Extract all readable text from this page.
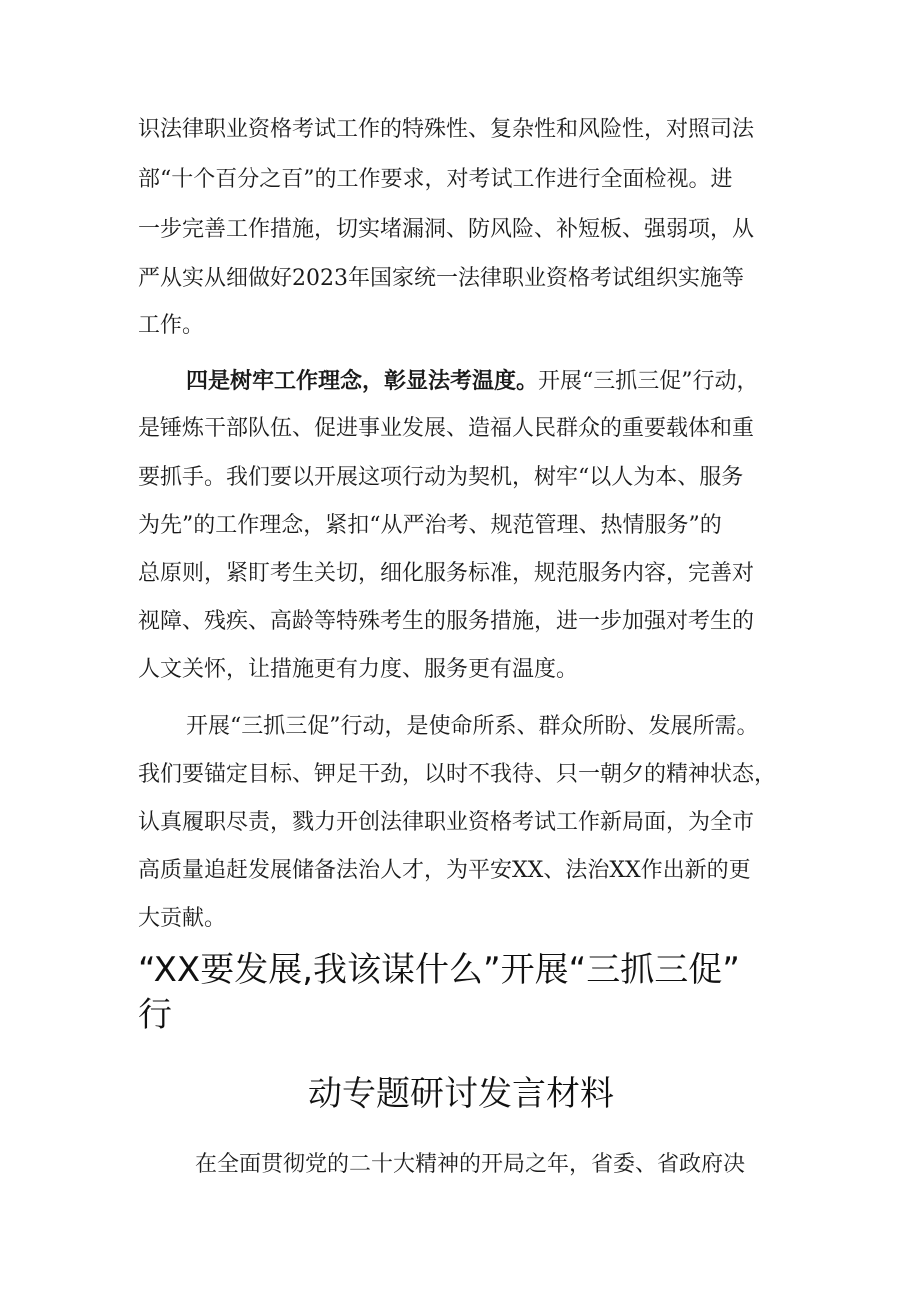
识法律职业资格考试工作的特殊性、复杂性和风险性，对照司法
部“十个百分之百”的工作要求，对考试工作进行全面检视。进
一步完善工作措施，切实堵漏洞、防风险、补短板、强弱项，从
严从实从细做好2023年国家统一法律职业资格考试组织实施等
工作。
四是树牢工作理念，彰显法考温度。开展“三抓三促”行动，
是锤炼干部队伍、促进事业发展、造福人民群众的重要载体和重
要抓手。我们要以开展这项行动为契机，树牢“以人为本、服务
为先”的工作理念，紧扣“从严治考、规范管理、热情服务”的
总原则，紧盯考生关切，细化服务标准，规范服务内容，完善对
视障、残疾、高龄等特殊考生的服务措施，进一步加强对考生的
人文关怀，让措施更有力度、服务更有温度。
开展“三抓三促”行动，是使命所系、群众所盼、发展所需。
我们要锚定目标、钾足干劲，以时不我待、只一朝夕的精神状态，
认真履职尽责，戮力开创法律职业资格考试工作新局面，为全市
高质量追赶发展储备法治人才，为平安XX、法治XX作出新的更
大贡献。
“XX要发展,我该谋什么”开展“三抓三促”
行
动专题研讨发言材料
在全面贯彻党的二十大精神的开局之年，省委、省政府决
